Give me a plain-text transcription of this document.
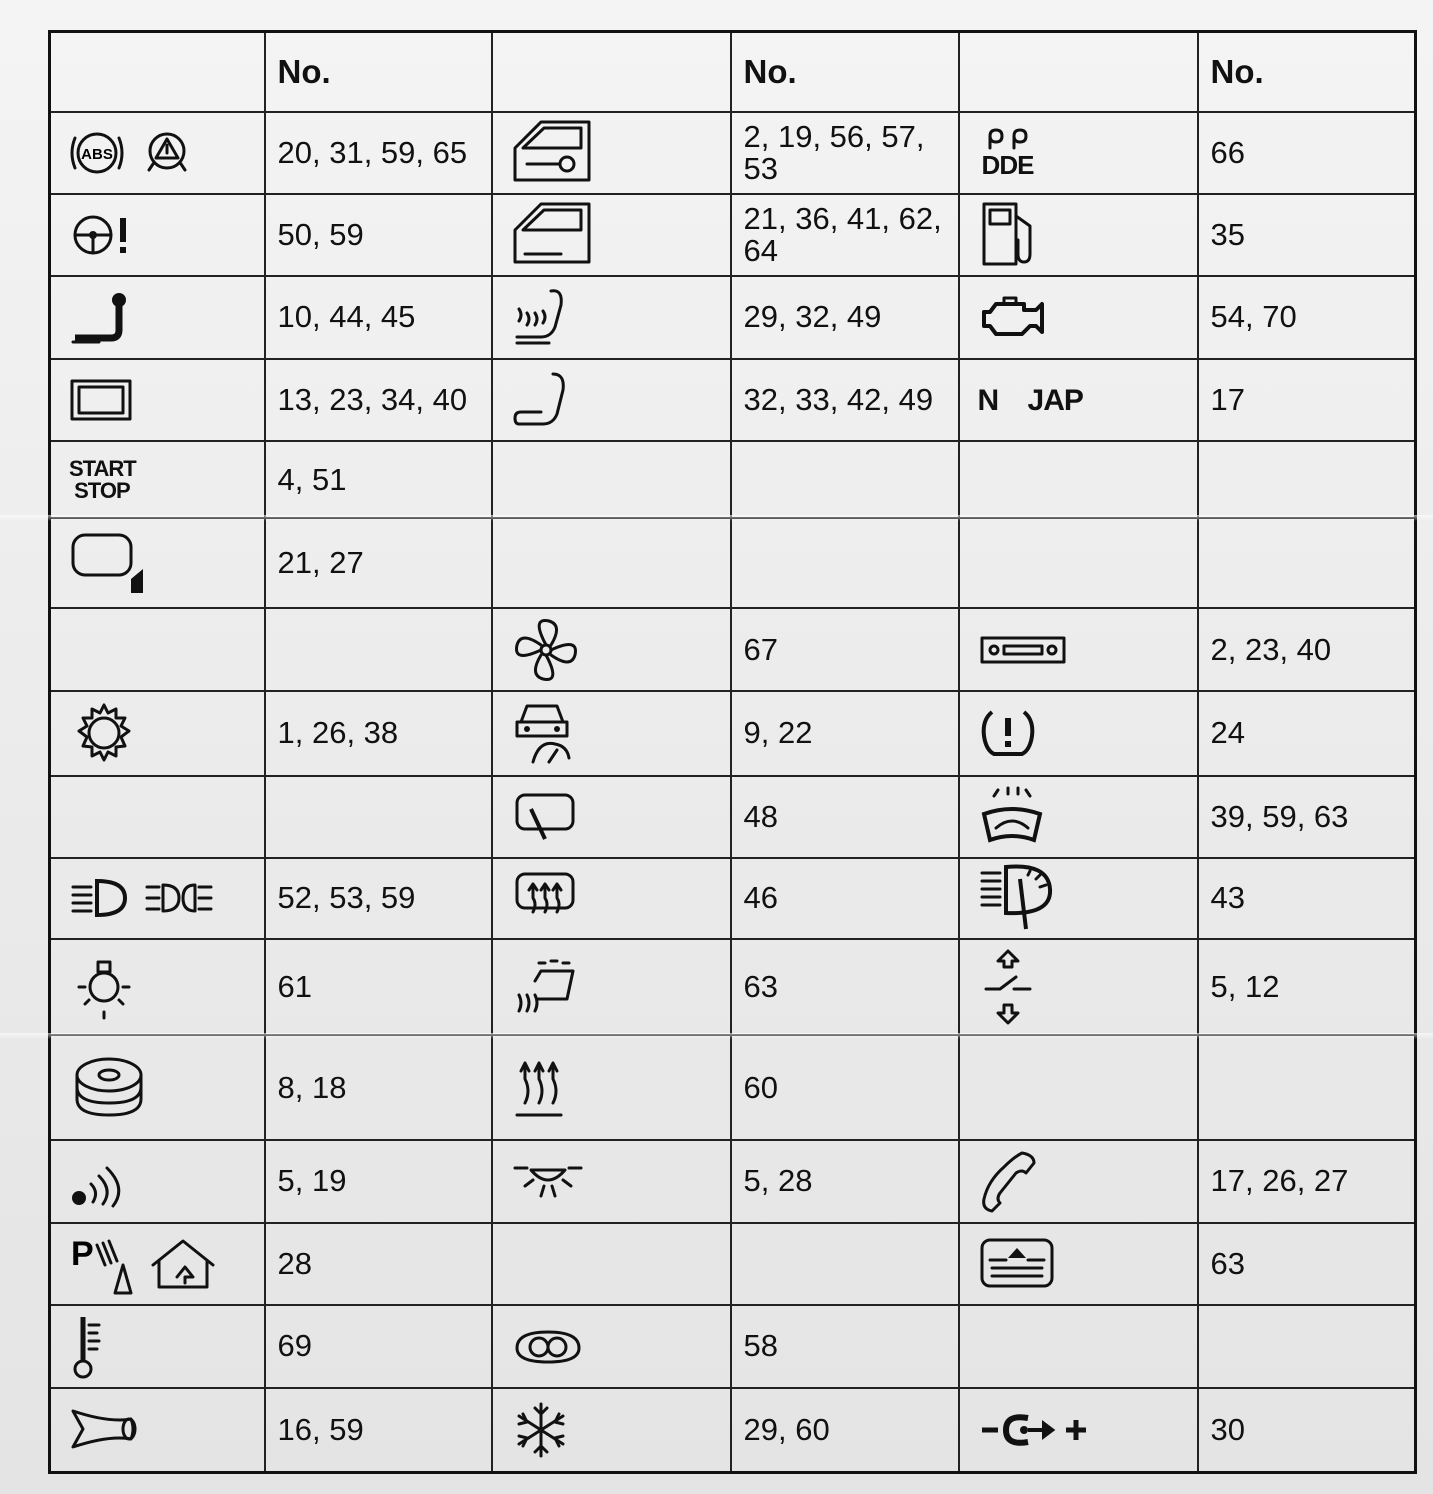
	No.		No.		No.

ABS	20, 31, 59, 65		2, 19, 56, 57,
53	DDE	66

	50, 59		21, 36, 41, 62,
64		35

	10, 44, 45		29, 32, 49		54, 70

	13, 23, 34, 40		32, 33, 42, 49	N    JAP	17

START
STOP	4, 51				

	21, 27				

	67		2, 23, 40

	1, 26, 38		9, 22		24

	48		39, 59, 63

	52, 53, 59		46		43

	61		63		5, 12

	8, 18		60		

	5, 19		5, 28		17, 26, 27

P	28				63

	69		58		

	16, 59		29, 60		30
